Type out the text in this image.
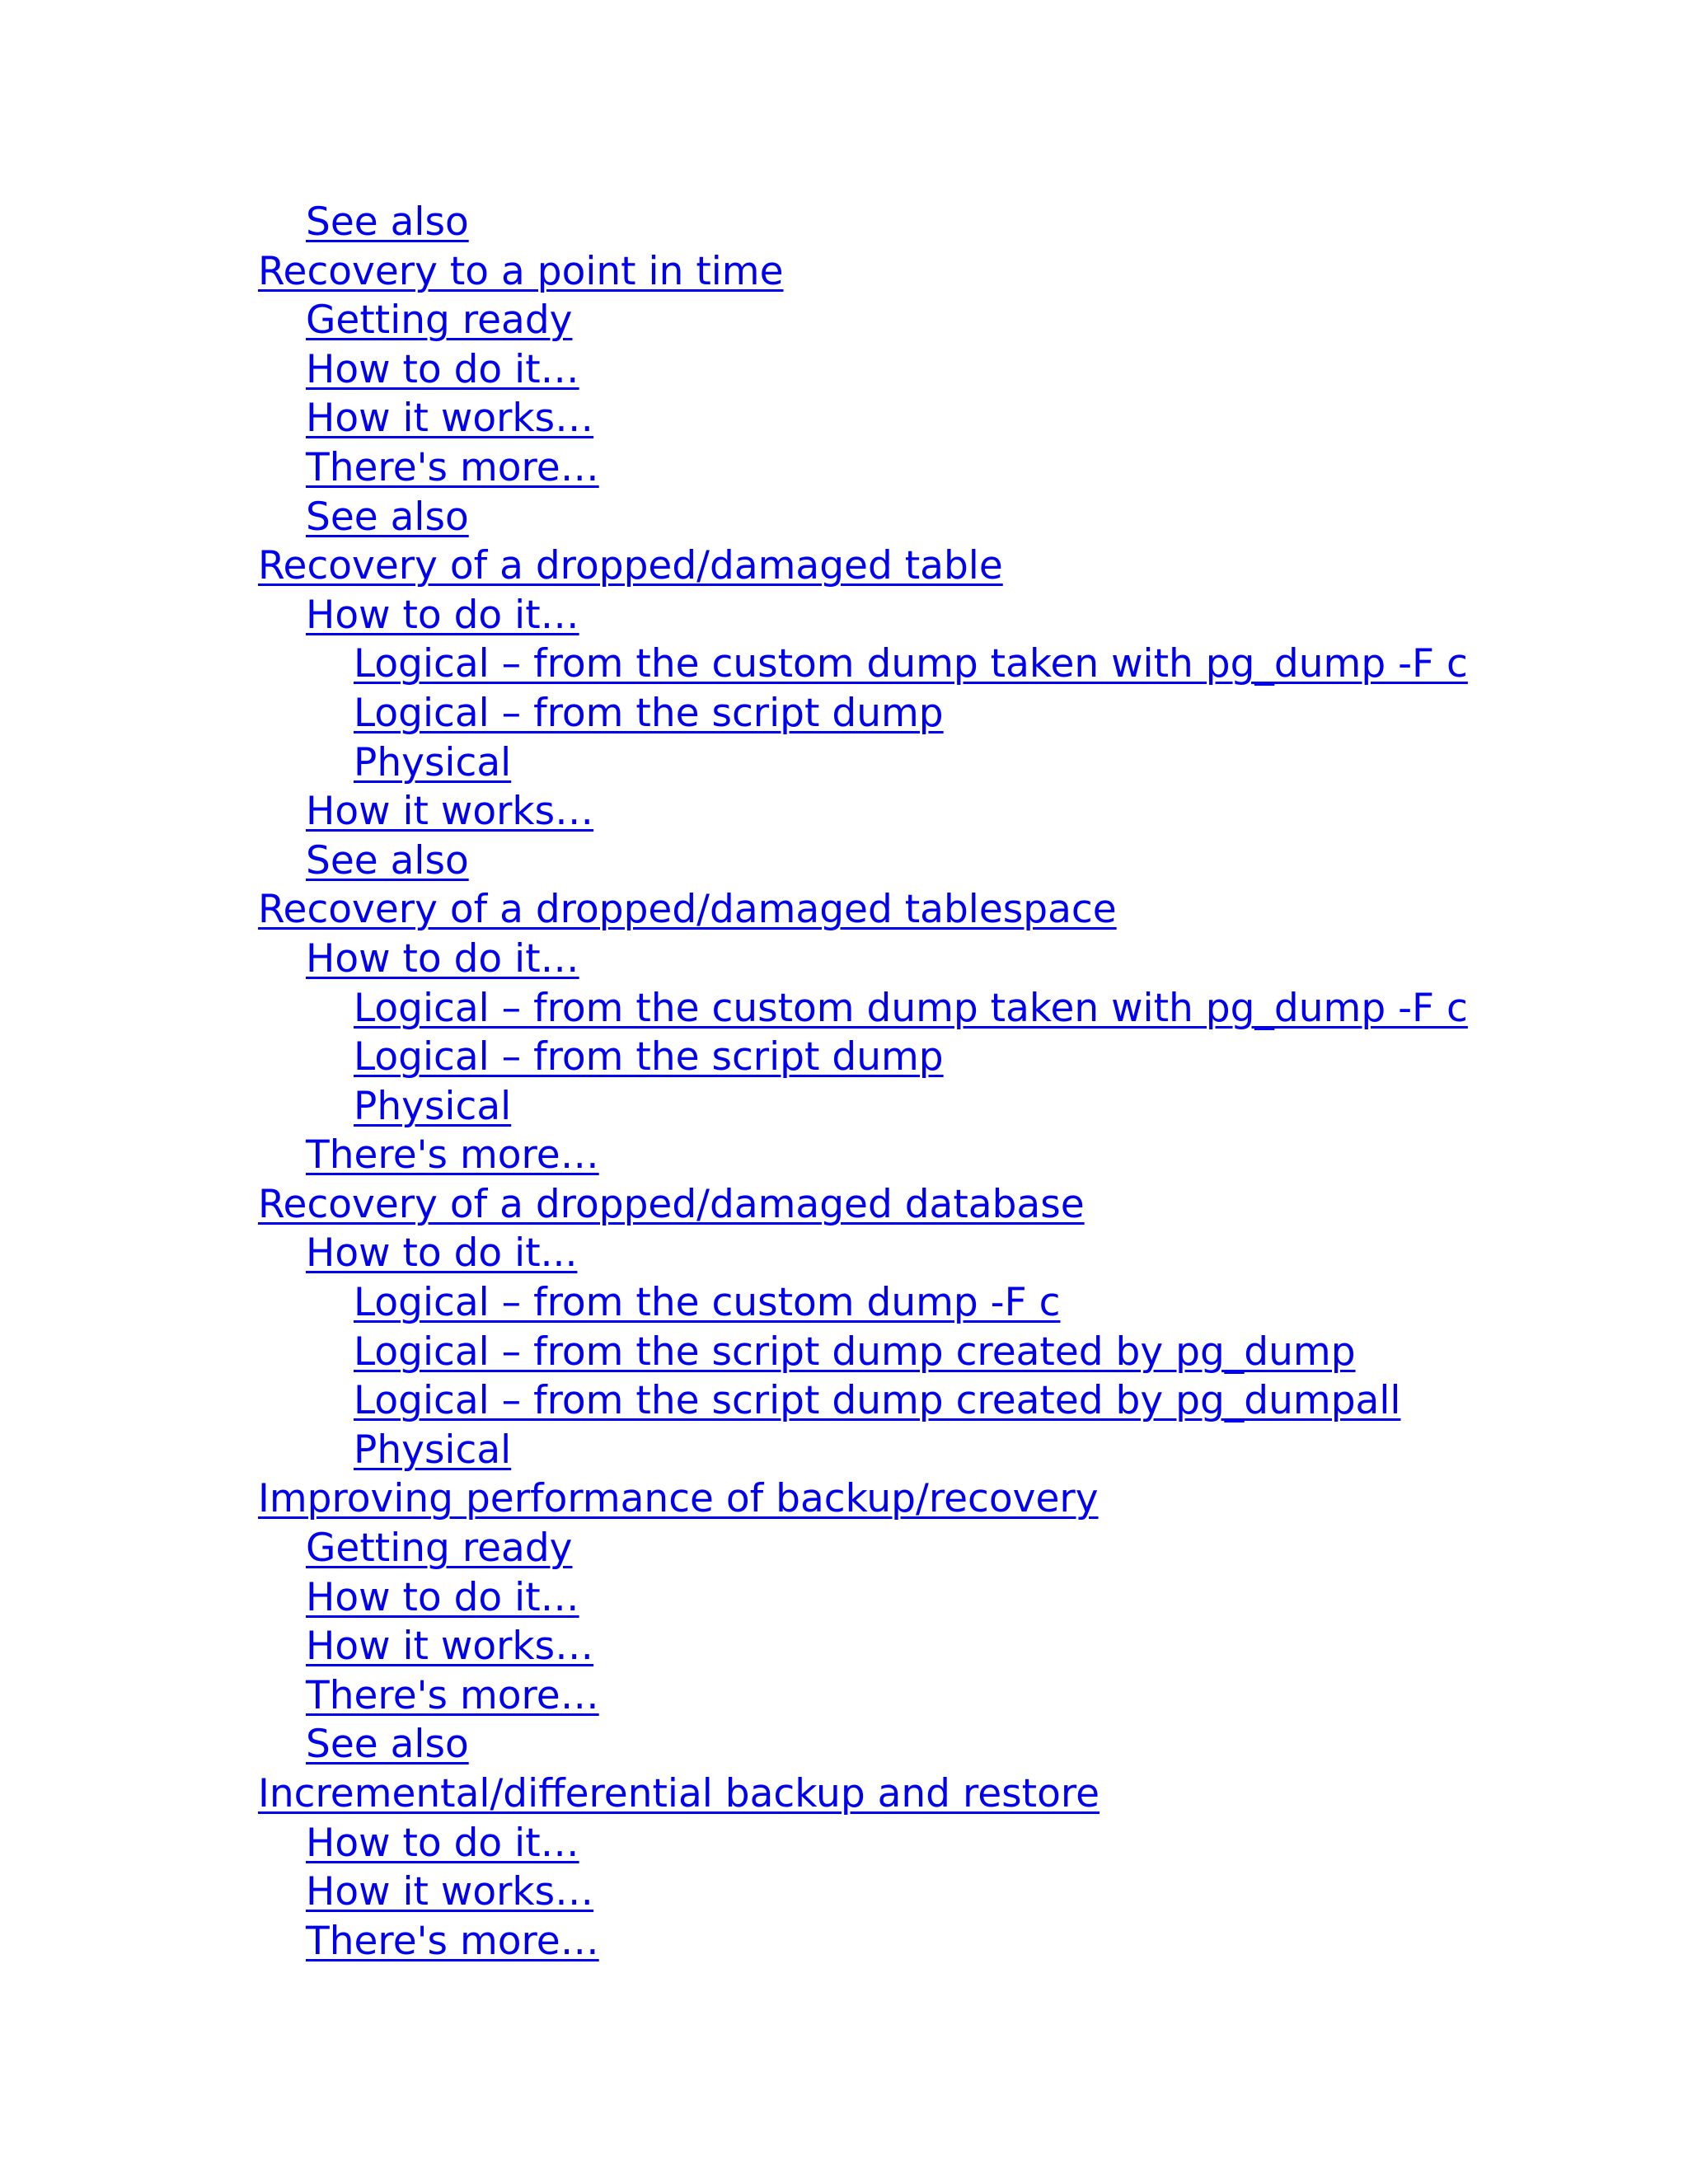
See also
Recovery to a point in time
Getting ready
How to do it…
How it works…
There's more…
See also
Recovery of a dropped/damaged table
How to do it…
Logical – from the custom dump taken with pg_dump -F c
Logical – from the script dump
Physical
How it works…
See also
Recovery of a dropped/damaged tablespace
How to do it…
Logical – from the custom dump taken with pg_dump -F c
Logical – from the script dump
Physical
There's more…
Recovery of a dropped/damaged database
How to do it...
Logical – from the custom dump -F c
Logical – from the script dump created by pg_dump
Logical – from the script dump created by pg_dumpall
Physical
Improving performance of backup/recovery
Getting ready
How to do it…
How it works…
There's more…
See also
Incremental/differential backup and restore
How to do it…
How it works…
There's more…
